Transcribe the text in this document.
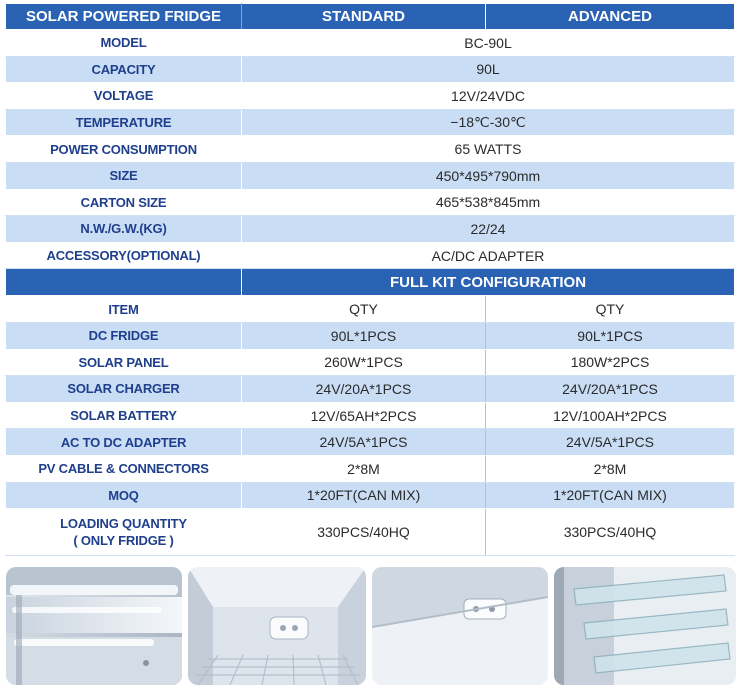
SOLAR POWERED FRIDGE	STANDARD	ADVANCED
MODEL	BC-90L	
CAPACITY	90L	
VOLTAGE	12V/24VDC	
TEMPERATURE	−18℃-30℃	
POWER CONSUMPTION	65 WATTS	
SIZE	450*495*790mm	
CARTON SIZE	465*538*845mm	
N.W./G.W.(KG)	22/24	
ACCESSORY(OPTIONAL)	AC/DC ADAPTER	
	FULL KIT CONFIGURATION	
ITEM	QTY	QTY
DC FRIDGE	90L*1PCS	90L*1PCS
SOLAR PANEL	260W*1PCS	180W*2PCS
SOLAR CHARGER	24V/20A*1PCS	24V/20A*1PCS
SOLAR BATTERY	12V/65AH*2PCS	12V/100AH*2PCS
AC TO DC ADAPTER	24V/5A*1PCS	24V/5A*1PCS
PV CABLE & CONNECTORS	2*8M	2*8M
MOQ	1*20FT(CAN MIX)	1*20FT(CAN MIX)

LOADING QUANTITY
( ONLY FRIDGE )	330PCS/40HQ	330PCS/40HQ
